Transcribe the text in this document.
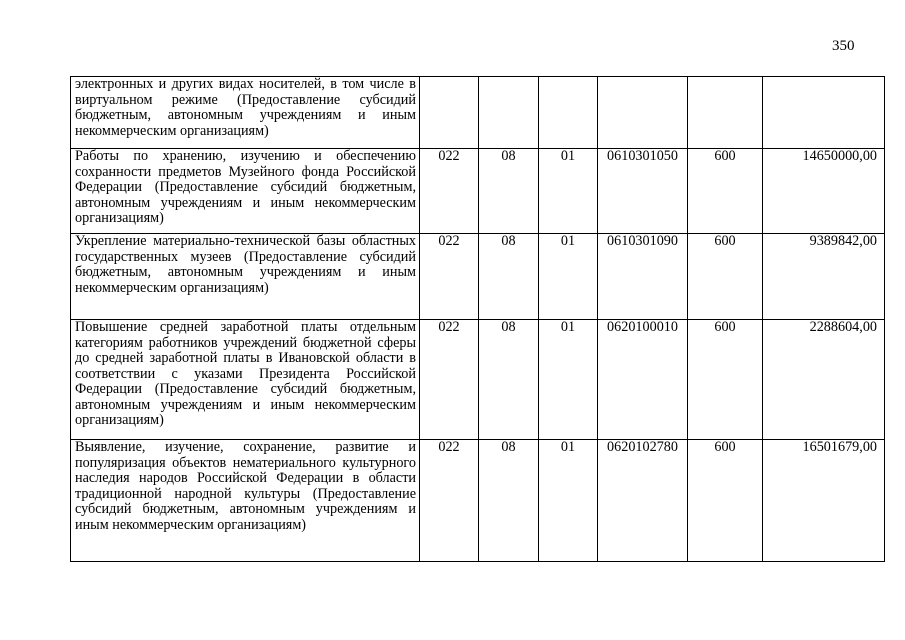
350
электронных и других видах носителей, в том числе в виртуальном режиме (Предоставление субсидий бюджетным, автономным учреждениям и иным некоммерческим организациям)						
Работы по хранению, изучению и обеспечению сохранности предметов Музейного фонда Российской Федерации (Предоставление субсидий бюджетным, автономным учреждениям и иным некоммерческим организациям)	022	08	01	0610301050	600	14650000,00
Укрепление материально-технической базы областных государственных музеев (Предоставление субсидий бюджетным, автономным учреждениям и иным некоммерческим организациям)	022	08	01	0610301090	600	9389842,00
Повышение средней заработной платы отдельным категориям работников учреждений бюджетной сферы до средней заработной платы в Ивановской области в соответствии с указами Президента Российской Федерации (Предоставление субсидий бюджетным, автономным учреждениям и иным некоммерческим организациям)	022	08	01	0620100010	600	2288604,00
Выявление, изучение, сохранение, развитие и популяризация объектов нематериального культурного наследия народов Российской Федерации в области традиционной народной культуры (Предоставление субсидий бюджетным, автономным учреждениям и иным некоммерческим организациям)	022	08	01	0620102780	600	16501679,00
